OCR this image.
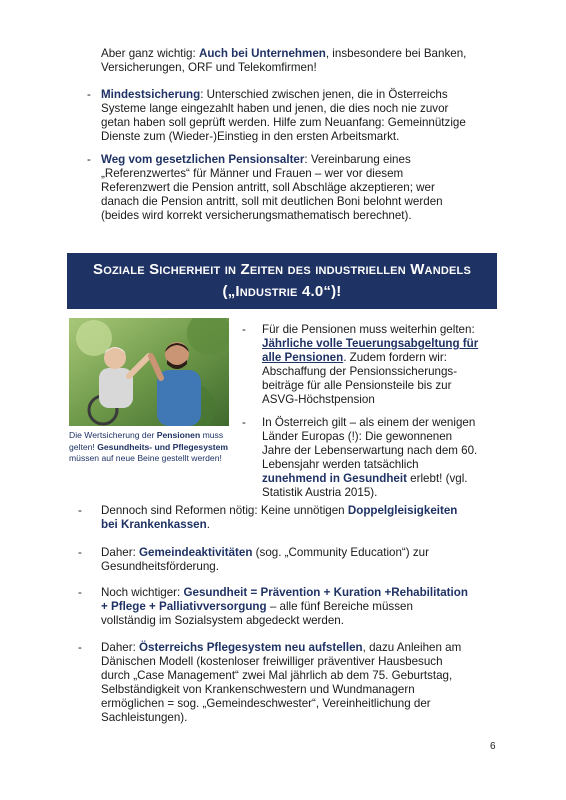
Aber ganz wichtig: Auch bei Unternehmen, insbesondere bei Banken,
Versicherungen, ORF und Telekomfirmen!
- Mindestsicherung: Unterschied zwischen jenen, die in Österreichs
Systeme lange eingezahlt haben und jenen, die dies noch nie zuvor
getan haben soll geprüft werden. Hilfe zum Neuanfang: Gemeinnützige
Dienste zum (Wieder-)Einstieg in den ersten Arbeitsmarkt.
- Weg vom gesetzlichen Pensionsalter: Vereinbarung eines
„Referenzwertes“ für Männer und Frauen – wer vor diesem
Referenzwert die Pension antritt, soll Abschläge akzeptieren; wer
danach die Pension antritt, soll mit deutlichen Boni belohnt werden
(beides wird korrekt versicherungsmathematisch berechnet).
Soziale Sicherheit in Zeiten des industriellen Wandels
(„Industrie 4.0“)!
Die Wertsicherung der Pensionen muss gelten! Gesundheits- und Pflegesystem müssen auf neue Beine gestellt werden!
- Für die Pensionen muss weiterhin gelten:
Jährliche volle Teuerungsabgeltung für
alle Pensionen. Zudem fordern wir:
Abschaffung der Pensionssicherungs-
beiträge für alle Pensionsteile bis zur
ASVG-Höchstpension
- In Österreich gilt – als einem der wenigen
Länder Europas (!): Die gewonnenen
Jahre der Lebenserwartung nach dem 60.
Lebensjahr werden tatsächlich
zunehmend in Gesundheit erlebt! (vgl.
Statistik Austria 2015).
- Dennoch sind Reformen nötig: Keine unnötigen Doppelgleisigkeiten
bei Krankenkassen.
- Daher: Gemeindeaktivitäten (sog. „Community Education“) zur
Gesundheitsförderung.
- Noch wichtiger: Gesundheit = Prävention + Kuration +Rehabilitation
+ Pflege + Palliativversorgung – alle fünf Bereiche müssen
vollständig im Sozialsystem abgedeckt werden.
- Daher: Österreichs Pflegesystem neu aufstellen, dazu Anleihen am
Dänischen Modell (kostenloser freiwilliger präventiver Hausbesuch
durch „Case Management“ zwei Mal jährlich ab dem 75. Geburtstag,
Selbständigkeit von Krankenschwestern und Wundmanagern
ermöglichen = sog. „Gemeindeschwester“, Vereinheitlichung der
Sachleistungen).
6
